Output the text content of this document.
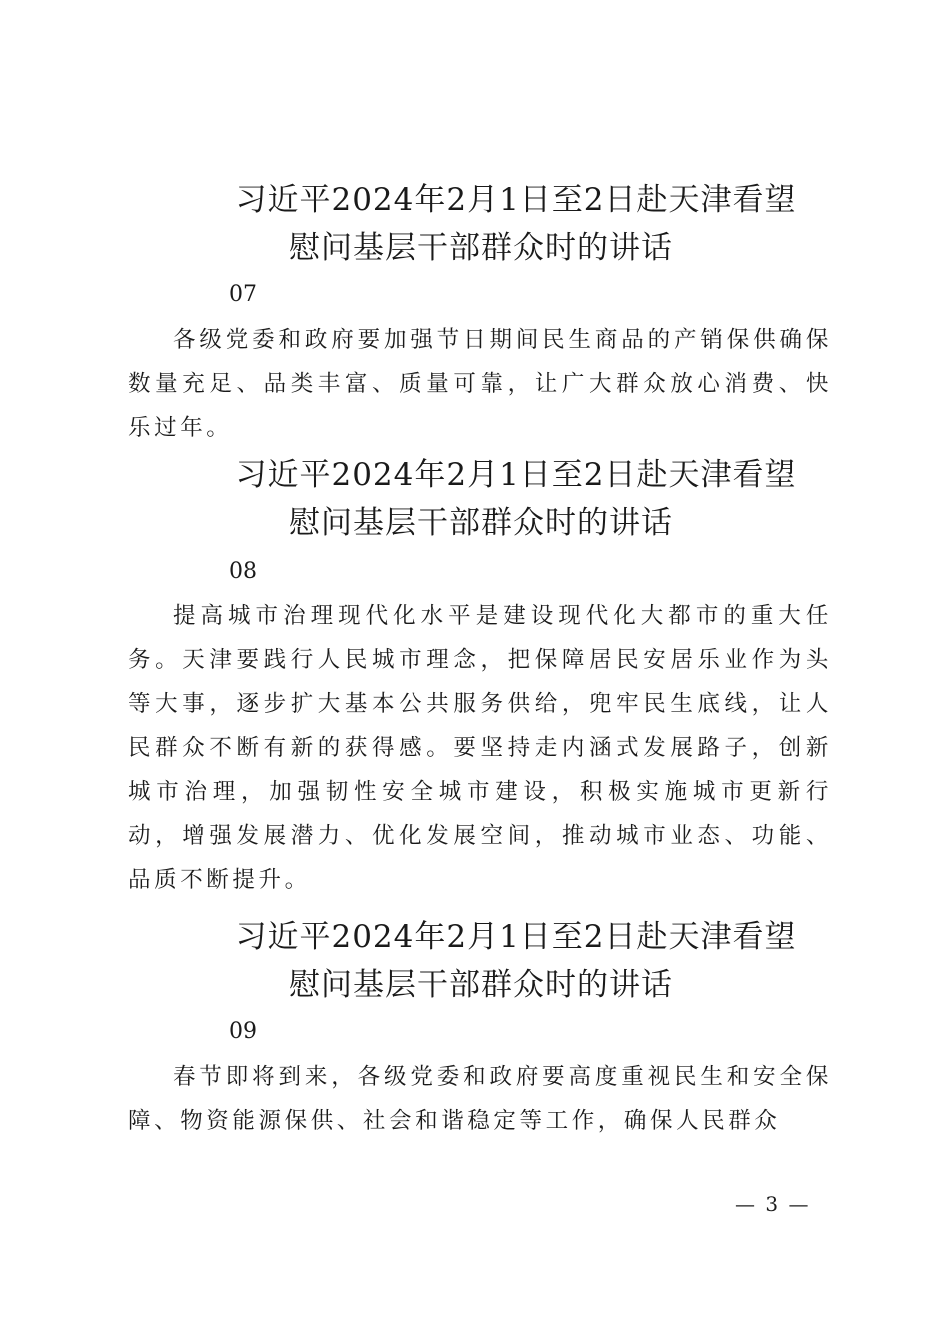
习近平2024年2月1日至2日赴天津看望
慰问基层干部群众时的讲话

07

各级党委和政府要加强节日期间民生商品的产销保供确保数量充足、品类丰富、质量可靠，让广大群众放心消费、快乐过年。

习近平2024年2月1日至2日赴天津看望
慰问基层干部群众时的讲话

08

提高城市治理现代化水平是建设现代化大都市的重大任务。天津要践行人民城市理念，把保障居民安居乐业作为头等大事，逐步扩大基本公共服务供给，兜牢民生底线，让人民群众不断有新的获得感。要坚持走内涵式发展路子，创新城市治理，加强韧性安全城市建设，积极实施城市更新行动，增强发展潜力、优化发展空间，推动城市业态、功能、品质不断提升。

习近平2024年2月1日至2日赴天津看望
慰问基层干部群众时的讲话

09

春节即将到来，各级党委和政府要高度重视民生和安全保障、物资能源保供、社会和谐稳定等工作，确保人民群众

— 3 —
